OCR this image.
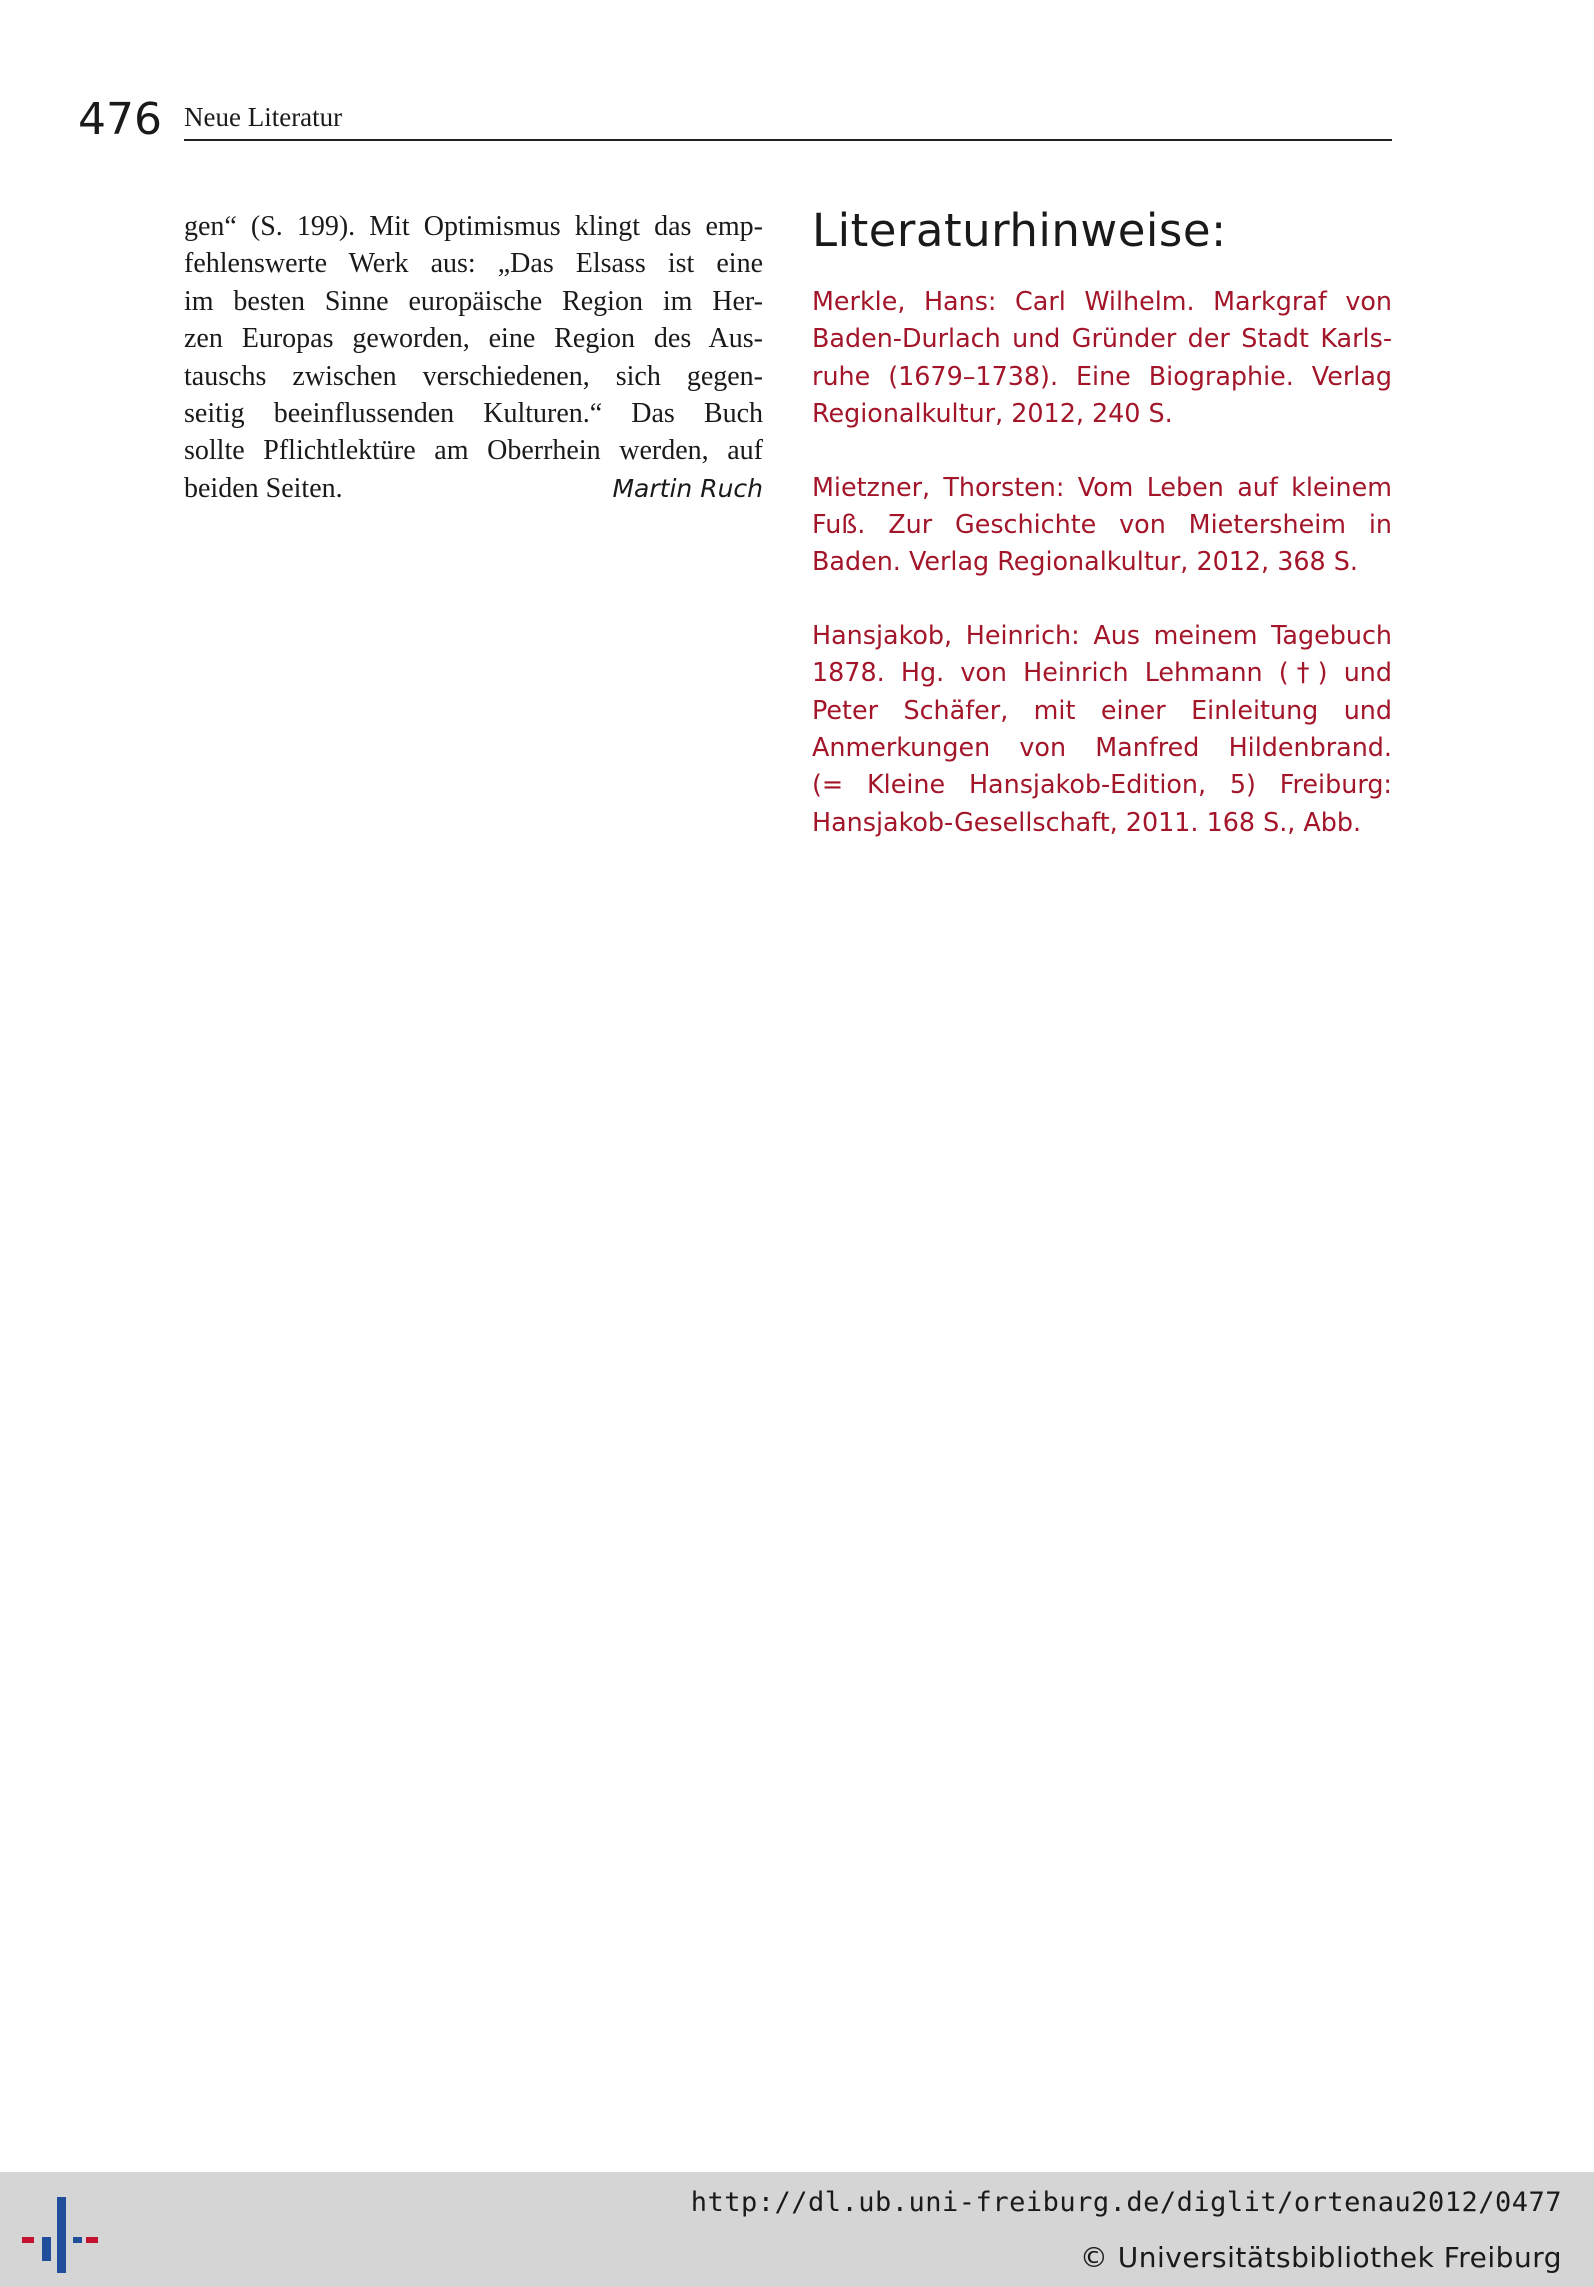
476 Neue Literatur

gen“ (S. 199). Mit Optimismus klingt das emp-
fehlenswerte Werk aus: „Das Elsass ist eine
im besten Sinne europäische Region im Her-
zen Europas geworden, eine Region des Aus-
tauschs zwischen verschiedenen, sich gegen-
seitig beeinflussenden Kulturen.“ Das Buch
sollte Pflichtlektüre am Oberrhein werden, auf

beiden Seiten.	Martin Ruch

Literaturhinweise:

Merkle, Hans: Carl Wilhelm. Markgraf von
Baden-Durlach und Gründer der Stadt Karls-
ruhe (1679–1738). Eine Biographie. Verlag
Regionalkultur, 2012, 240 S.

Mietzner, Thorsten: Vom Leben auf kleinem
Fuß. Zur Geschichte von Mietersheim in
Baden. Verlag Regionalkultur, 2012, 368 S.

Hansjakob, Heinrich: Aus meinem Tagebuch
1878. Hg. von Heinrich Lehmann (†) und
Peter Schäfer, mit einer Einleitung und
Anmerkungen von Manfred Hildenbrand.
(= Kleine Hansjakob-Edition, 5) Freiburg:
Hansjakob-Gesellschaft, 2011. 168 S., Abb.

http://dl.ub.uni-freiburg.de/diglit/ortenau2012/0477
© Universitätsbibliothek Freiburg
